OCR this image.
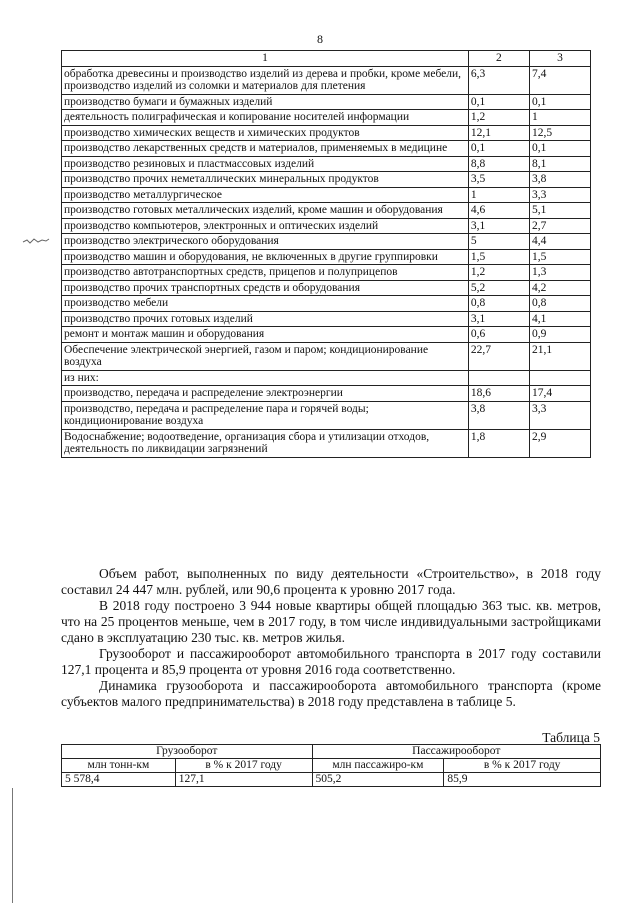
8
1	2	3
обработка древесины и производство изделий из дерева и пробки, кроме мебели, производство изделий из соломки и материалов для плетения	6,3	7,4
производство бумаги и бумажных изделий	0,1	0,1
деятельность полиграфическая и копирование носителей информации	1,2	1
производство химических веществ и химических продуктов	12,1	12,5
производство лекарственных средств и материалов, применяемых в медицине	0,1	0,1
производство резиновых и пластмассовых изделий	8,8	8,1
производство прочих неметаллических минеральных продуктов	3,5	3,8
производство металлургическое	1	3,3
производство готовых металлических изделий, кроме машин и оборудования	4,6	5,1
производство компьютеров, электронных и оптических изделий	3,1	2,7
производство электрического оборудования	5	4,4
производство машин и оборудования, не включенных в другие группировки	1,5	1,5
производство автотранспортных средств, прицепов и полуприцепов	1,2	1,3
производство прочих транспортных средств и оборудования	5,2	4,2
производство мебели	0,8	0,8
производство прочих готовых изделий	3,1	4,1
ремонт и монтаж машин и оборудования	0,6	0,9
Обеспечение электрической энергией, газом и паром; кондиционирование воздуха	22,7	21,1
из них:		
производство, передача и распределение электроэнергии	18,6	17,4
производство, передача и распределение пара и горячей воды; кондиционирование воздуха	3,8	3,3
Водоснабжение; водоотведение, организация сбора и утилизации отходов, деятельность по ликвидации загрязнений	1,8	2,9
Объем работ, выполненных по виду деятельности «Строительство», в 2018 году составил 24 447 млн. рублей, или 90,6 процента к уровню 2017 года.
В 2018 году построено 3 944 новые квартиры общей площадью 363 тыс. кв. метров, что на 25 процентов меньше, чем в 2017 году, в том числе индивидуальными застройщиками сдано в эксплуатацию 230 тыс. кв. метров жилья.
Грузооборот и пассажирооборот автомобильного транспорта в 2017 году составили 127,1 процента и 85,9 процента от уровня 2016 года соответственно.
Динамика грузооборота и пассажирооборота автомобильного транспорта (кроме субъектов малого предпринимательства) в 2018 году представлена в таблице 5.
Таблица 5
Грузооборот		Пассажирооборот	
млн тонн-км	в % к 2017 году	млн пассажиро-км	в % к 2017 году
5 578,4	127,1	505,2	85,9
